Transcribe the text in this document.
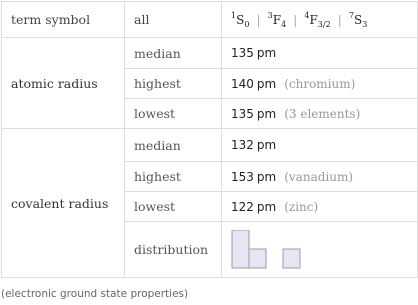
term symbol	all	$^1S_0$ | $^3F_4$ | $^4F_{3/2}$ | $^7S_3$
atomic radius	median	135 pm
	highest	140 pm (chromium)
	lowest	135 pm (3 elements)
covalent radius	median	132 pm
	highest	153 pm (vanadium)
	lowest	122 pm (zinc)
	distribution	
(electronic ground state properties)
